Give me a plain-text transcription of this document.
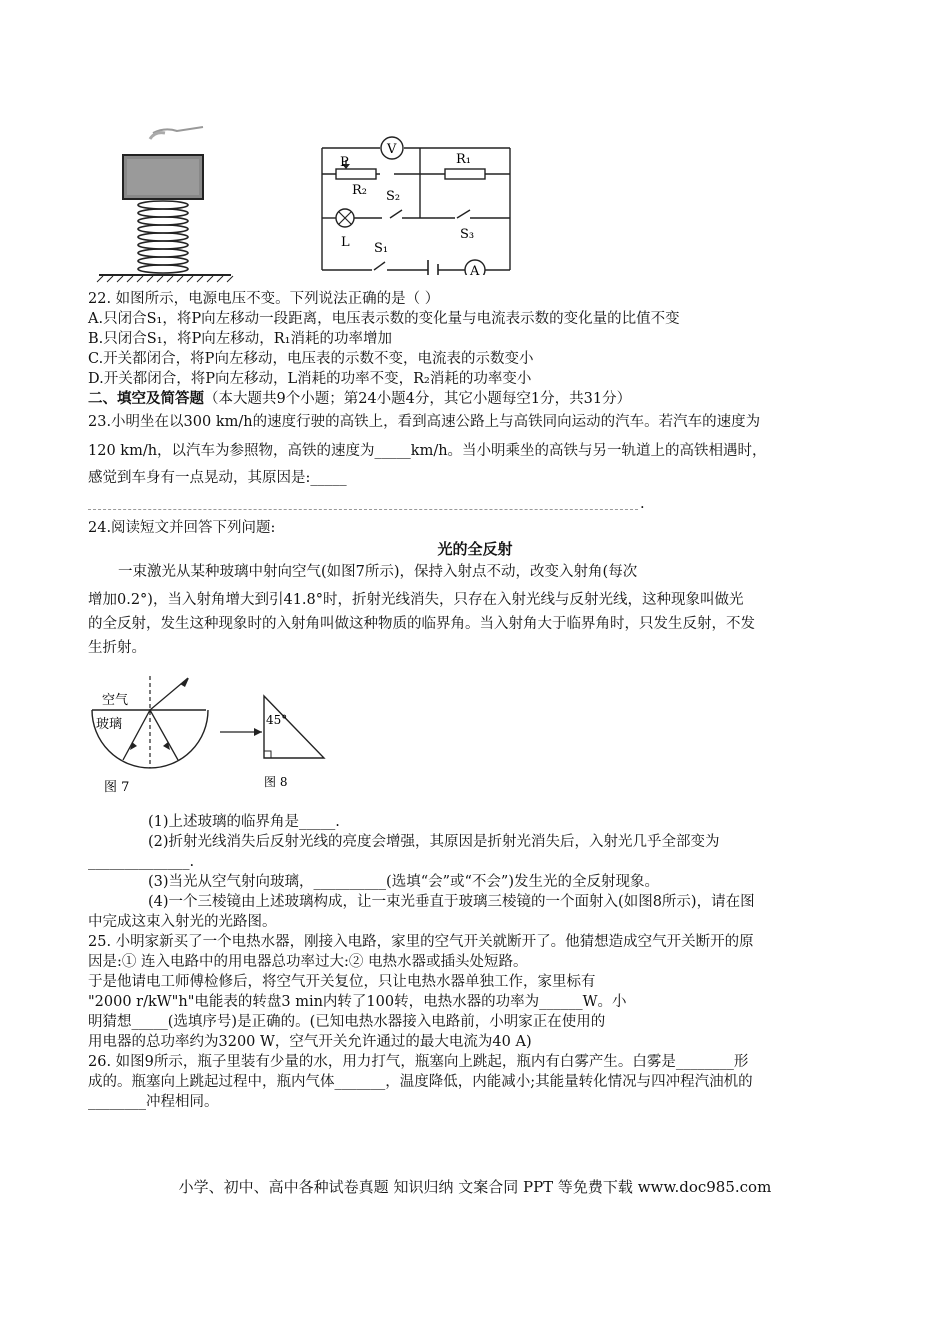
V
P
R₂
R₁
L
S₂
S₃
S₁
A
22. 如图所示，电源电压不变。下列说法正确的是（ ）
A.只闭合S₁，将P向左移动一段距离，电压表示数的变化量与电流表示数的变化量的比值不变
B.只闭合S₁，将P向左移动，R₁消耗的功率增加
C.开关都闭合，将P向左移动，电压表的示数不变，电流表的示数变小
D.开关都闭合，将P向左移动，L消耗的功率不变，R₂消耗的功率变小
二、填空及简答题（本大题共9个小题；第24小题4分，其它小题每空1分，共31分）
23.小明坐在以300 km/h的速度行驶的高铁上，看到高速公路上与高铁同向运动的汽车。若汽车的速度为
120 km/h，以汽车为参照物，高铁的速度为_____km/h。当小明乘坐的高铁与另一轨道上的高铁相遇时，
感觉到车身有一点晃动，其原因是:_____
.
24.阅读短文并回答下列问题:
光的全反射
一束激光从某种玻璃中射向空气(如图7所示)，保持入射点不动，改变入射角(每次
增加0.2°)，当入射角增大到引41.8°时，折射光线消失，只存在入射光线与反射光线，这种现象叫做光
的全反射，发生这种现象时的入射角叫做这种物质的临界角。当入射角大于临界角时，只发生反射，不发
生折射。
空气
玻璃
图 7
45°
图 8
(1)上述玻璃的临界角是_____.
(2)折射光线消失后反射光线的亮度会增强，其原因是折射光消失后，入射光几乎全部变为
______________.
(3)当光从空气射向玻璃，__________(选填“会”或“不会”)发生光的全反射现象。
(4)一个三棱镜由上述玻璃构成，让一束光垂直于玻璃三棱镜的一个面射入(如图8所示)，请在图
中完成这束入射光的光路图。
25. 小明家新买了一个电热水器，刚接入电路，家里的空气开关就断开了。他猜想造成空气开关断开的原
因是:① 连入电路中的用电器总功率过大:② 电热水器或插头处短路。
于是他请电工师傅检修后，将空气开关复位，只让电热水器单独工作，家里标有
"2000 r/kW"h"电能表的转盘3 min内转了100转，电热水器的功率为______W。小
明猜想_____(选填序号)是正确的。(已知电热水器接入电路前，小明家正在使用的
用电器的总功率约为3200 W，空气开关允许通过的最大电流为40 A)
26. 如图9所示，瓶子里装有少量的水，用力打气，瓶塞向上跳起，瓶内有白雾产生。白雾是________形
成的。瓶塞向上跳起过程中，瓶内气体_______，温度降低，内能减小;其能量转化情况与四冲程汽油机的
________冲程相同。
小学、初中、高中各种试卷真题 知识归纳 文案合同 PPT 等免费下载 www.doc985.com
